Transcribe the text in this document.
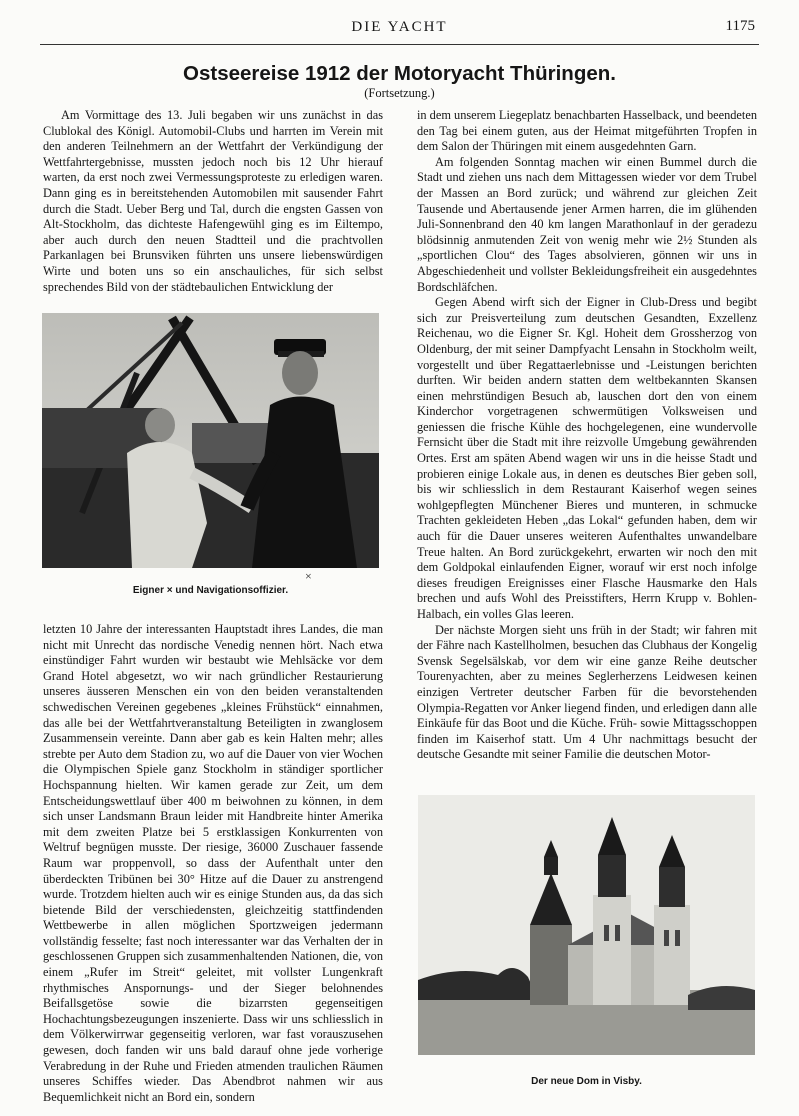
DIE YACHT	1175
Ostseereise 1912 der Motoryacht Thüringen.
(Fortsetzung.)

Am Vormittage des 13. Juli begaben wir uns zunächst in das Clublokal des Königl. Automobil-Clubs und harrten im Verein mit den anderen Teilnehmern an der Wettfahrt der Verkündigung der Wettfahrtergebnisse, mussten jedoch noch bis 12 Uhr hierauf warten, da erst noch zwei Vermessungsproteste zu erledigen waren. Dann ging es in bereitstehenden Automobilen mit sausender Fahrt durch die Stadt. Ueber Berg und Tal, durch die engsten Gassen von Alt-Stockholm, das dichteste Hafengewühl ging es im Eiltempo, aber auch durch den neuen Stadtteil und die prachtvollen Parkanlagen bei Brunsviken führten uns unsere liebenswürdigen Wirte und boten uns so ein anschauliches, für sich selbst sprechendes Bild von der städtebaulichen Entwicklung der

×
Eigner × und Navigationsoffizier.

letzten 10 Jahre der interessanten Hauptstadt ihres Landes, die man nicht mit Unrecht das nordische Venedig nennen hört. Nach etwa einstündiger Fahrt wurden wir bestaubt wie Mehlsäcke vor dem Grand Hotel abgesetzt, wo wir nach gründlicher Restaurierung unseres äusseren Menschen ein von den beiden veranstaltenden schwedischen Vereinen gegebenes „kleines Frühstück“ einnahmen, das alle bei der Wettfahrtveranstaltung Beteiligten in zwanglosem Zusammensein vereinte. Dann aber gab es kein Halten mehr; alles strebte per Auto dem Stadion zu, wo auf die Dauer von vier Wochen die Olympischen Spiele ganz Stockholm in ständiger sportlicher Hochspannung hielten. Wir kamen gerade zur Zeit, um dem Entscheidungswettlauf über 400 m beiwohnen zu können, in dem sich unser Landsmann Braun leider mit Handbreite hinter Amerika mit dem zweiten Platze bei 5 erstklassigen Konkurrenten von Weltruf begnügen musste. Der riesige, 36000 Zuschauer fassende Raum war proppenvoll, so dass der Aufenthalt unter den überdeckten Tribünen bei 30° Hitze auf die Dauer zu anstrengend wurde. Trotzdem hielten auch wir es einige Stunden aus, da das sich bietende Bild der verschiedensten, gleichzeitig stattfindenden Wettbewerbe in allen möglichen Sportzweigen jedermann vollständig fesselte; fast noch interessanter war das Verhalten der in geschlossenen Gruppen sich zusammenhaltenden Nationen, die, von einem „Rufer im Streit“ geleitet, mit vollster Lungenkraft rhythmisches Anspornungs- und der Sieger belohnendes Beifallsgetöse sowie die bizarrsten gegenseitigen Hochachtungsbezeugungen inszenierte. Dass wir uns schliesslich in dem Völkerwirrwar gegenseitig verloren, war fast vorauszusehen gewesen, doch fanden wir uns bald darauf ohne jede vorherige Verabredung in der Ruhe und Frieden atmenden traulichen Räumen unseres Schiffes wieder. Das Abendbrot nahmen wir aus Bequemlichkeit nicht an Bord ein, sondern

in dem unserem Liegeplatz benachbarten Hasselback, und beendeten den Tag bei einem guten, aus der Heimat mitgeführten Tropfen in dem Salon der Thüringen mit einem ausgedehnten Garn.

Am folgenden Sonntag machen wir einen Bummel durch die Stadt und ziehen uns nach dem Mittagessen wieder vor dem Trubel der Massen an Bord zurück; und während zur gleichen Zeit Tausende und Abertausende jener Armen harren, die im glühenden Juli-Sonnenbrand den 40 km langen Marathonlauf in der geradezu blödsinnig anmutenden Zeit von wenig mehr wie 2½ Stunden als „sportlichen Clou“ des Tages absolvieren, gönnen wir uns in Abgeschiedenheit und vollster Bekleidungsfreiheit ein ausgedehntes Bordschläfchen.

Gegen Abend wirft sich der Eigner in Club-Dress und begibt sich zur Preisverteilung zum deutschen Gesandten, Exzellenz Reichenau, wo die Eigner Sr. Kgl. Hoheit dem Grossherzog von Oldenburg, der mit seiner Dampfyacht Lensahn in Stockholm weilt, vorgestellt und über Regattaerlebnisse und -Leistungen berichten durften. Wir beiden andern statten dem weltbekannten Skansen einen mehrstündigen Besuch ab, lauschen dort den von einem Kinderchor vorgetragenen schwermütigen Volksweisen und geniessen die frische Kühle des hochgelegenen, eine wundervolle Fernsicht über die Stadt mit ihre reizvolle Umgebung gewährenden Ortes. Erst am späten Abend wagen wir uns in die heisse Stadt und probieren einige Lokale aus, in denen es deutsches Bier geben soll, bis wir schliesslich in dem Restaurant Kaiserhof wegen seines wohlgepflegten Münchener Bieres und munteren, in schmucke Trachten gekleideten Heben „das Lokal“ gefunden haben, dem wir auch für die Dauer unseres weiteren Aufenthaltes unwandelbare Treue halten. An Bord zurückgekehrt, erwarten wir noch den mit dem Goldpokal einlaufenden Eigner, worauf wir erst noch infolge dieses freudigen Ereignisses einer Flasche Hausmarke den Hals brechen und aufs Wohl des Preisstifters, Herrn Krupp v. Bohlen-Halbach, ein volles Glas leeren.

Der nächste Morgen sieht uns früh in der Stadt; wir fahren mit der Fähre nach Kastellholmen, besuchen das Clubhaus der Kongelig Svensk Segelsälskab, vor dem wir eine ganze Reihe deutscher Tourenyachten, aber zu meines Seglerherzens Leidwesen keinen einzigen Vertreter deutscher Farben für die bevorstehenden Olympia-Regatten vor Anker liegend finden, und erledigen dann alle Einkäufe für das Boot und die Küche. Früh- sowie Mittagsschoppen finden im Kaiserhof statt. Um 4 Uhr nachmittags besucht der deutsche Gesandte mit seiner Familie die deutschen Motor-

Der neue Dom in Visby.
